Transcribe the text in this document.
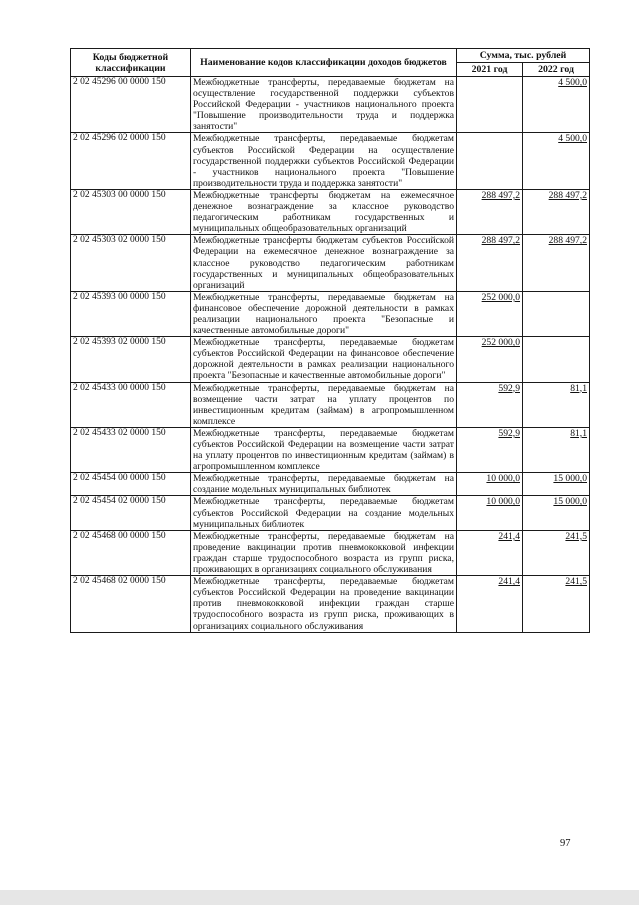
Коды бюджетной классификации	Наименование кодов классификации доходов бюджетов	Сумма, тыс. рублей	
		2021 год	2022 год
2 02 45296 00 0000 150	Межбюджетные трансферты, передаваемые бюджетам на осуществление государственной поддержки субъектов Российской Федерации - участников национального проекта "Повышение производительности труда и поддержка занятости"		4 500,0
2 02 45296 02 0000 150	Межбюджетные трансферты, передаваемые бюджетам субъектов Российской Федерации на осуществление государственной поддержки субъектов Российской Федерации - участников национального проекта "Повышение производительности труда и поддержка занятости"		4 500,0
2 02 45303 00 0000 150	Межбюджетные трансферты бюджетам на ежемесячное денежное вознаграждение за классное руководство педагогическим работникам государственных и муниципальных общеобразовательных организаций	288 497,2	288 497,2
2 02 45303 02 0000 150	Межбюджетные трансферты бюджетам субъектов Российской Федерации на ежемесячное денежное вознаграждение за классное руководство педагогическим работникам государственных и муниципальных общеобразовательных организаций	288 497,2	288 497,2
2 02 45393 00 0000 150	Межбюджетные трансферты, передаваемые бюджетам на финансовое обеспечение дорожной деятельности в рамках реализации национального проекта "Безопасные и качественные автомобильные дороги"	252 000,0	
2 02 45393 02 0000 150	Межбюджетные трансферты, передаваемые бюджетам субъектов Российской Федерации на финансовое обеспечение дорожной деятельности в рамках реализации национального проекта "Безопасные и качественные автомобильные дороги"	252 000,0	
2 02 45433 00 0000 150	Межбюджетные трансферты, передаваемые бюджетам на возмещение части затрат на уплату процентов по инвестиционным кредитам (займам) в агропромышленном комплексе	592,9	81,1
2 02 45433 02 0000 150	Межбюджетные трансферты, передаваемые бюджетам субъектов Российской Федерации на возмещение части затрат на уплату процентов по инвестиционным кредитам (займам) в агропромышленном комплексе	592,9	81,1
2 02 45454 00 0000 150	Межбюджетные трансферты, передаваемые бюджетам на создание модельных муниципальных библиотек	10 000,0	15 000,0
2 02 45454 02 0000 150	Межбюджетные трансферты, передаваемые бюджетам субъектов Российской Федерации на создание модельных муниципальных библиотек	10 000,0	15 000,0
2 02 45468 00 0000 150	Межбюджетные трансферты, передаваемые бюджетам на проведение вакцинации против пневмококковой инфекции граждан старше трудоспособного возраста из групп риска, проживающих в организациях социального обслуживания	241,4	241,5
2 02 45468 02 0000 150	Межбюджетные трансферты, передаваемые бюджетам субъектов Российской Федерации на проведение вакцинации против пневмококковой инфекции граждан старше трудоспособного возраста из групп риска, проживающих в организациях социального обслуживания	241,4	241,5
97
